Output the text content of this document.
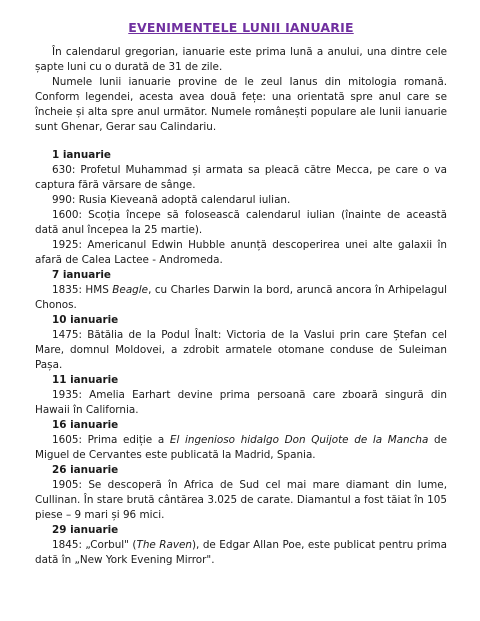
EVENIMENTELE LUNII IANUARIE

În calendarul gregorian, ianuarie este prima lună a anului, una dintre cele șapte luni cu o durată de 31 de zile.

Numele lunii ianuarie provine de le zeul Ianus din mitologia romană. Conform legendei, acesta avea două fețe: una orientată spre anul care se încheie și alta spre anul următor. Numele românești populare ale lunii ianuarie sunt Ghenar, Gerar sau Calindariu.

1 ianuarie

630: Profetul Muhammad și armata sa pleacă către Mecca, pe care o va captura fără vărsare de sânge.

990: Rusia Kieveană adoptă calendarul iulian.

1600: Scoția începe să folosească calendarul iulian (înainte de această dată anul începea la 25 martie).

1925: Americanul Edwin Hubble anunță descoperirea unei alte galaxii în afară de Calea Lactee - Andromeda.

7 ianuarie

1835: HMS Beagle, cu Charles Darwin la bord, aruncă ancora în Arhipelagul Chonos.

10 ianuarie

1475: Bătălia de la Podul Înalt: Victoria de la Vaslui prin care Ștefan cel Mare, domnul Moldovei, a zdrobit armatele otomane conduse de Suleiman Pașa.

11 ianuarie

1935: Amelia Earhart devine prima persoană care zboară singură din Hawaii în California.

16 ianuarie

1605: Prima ediție a El ingenioso hidalgo Don Quijote de la Mancha de Miguel de Cervantes este publicată la Madrid, Spania.

26 ianuarie

1905: Se descoperă în Africa de Sud cel mai mare diamant din lume, Cullinan. În stare brută cântărea 3.025 de carate. Diamantul a fost tăiat în 105 piese – 9 mari și 96 mici.

29 ianuarie

1845: „Corbul" (The Raven), de Edgar Allan Poe, este publicat pentru prima dată în „New York Evening Mirror".
